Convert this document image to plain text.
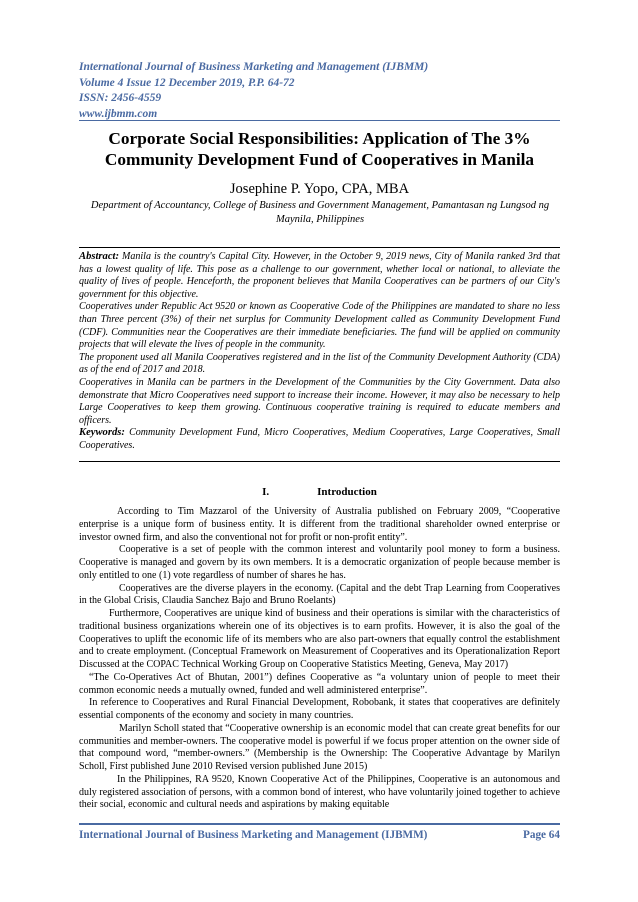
International Journal of Business Marketing and Management (IJBMM)
Volume 4 Issue 12 December 2019, P.P. 64-72
ISSN: 2456-4559
www.ijbmm.com
Corporate Social Responsibilities: Application of The 3%
Community Development Fund of Cooperatives in Manila
Josephine P. Yopo, CPA, MBA
Department of Accountancy, College of Business and Government Management, Pamantasan ng Lungsod ng Maynila, Philippines

Abstract: Manila is the country's Capital City. However, in the October 9, 2019 news, City of Manila ranked 3rd that has a lowest quality of life. This pose as a challenge to our government, whether local or national, to alleviate the quality of lives of people. Henceforth, the proponent believes that Manila Cooperatives can be partners of our City's government for this objective.

Cooperatives under Republic Act 9520 or known as Cooperative Code of the Philippines are mandated to share no less than Three percent (3%) of their net surplus for Community Development called as Community Development Fund (CDF). Communities near the Cooperatives are their immediate beneficiaries. The fund will be applied on community projects that will elevate the lives of people in the community.

The proponent used all Manila Cooperatives registered and in the list of the Community Development Authority (CDA) as of the end of 2017 and 2018.

Cooperatives in Manila can be partners in the Development of the Communities by the City Government. Data also demonstrate that Micro Cooperatives need support to increase their income. However, it may also be necessary to help Large Cooperatives to keep them growing. Continuous cooperative training is required to educate members and officers.

Keywords: Community Development Fund, Micro Cooperatives, Medium Cooperatives, Large Cooperatives, Small Cooperatives.

I.	Introduction

According to Tim Mazzarol of the University of Australia published on February 2009, “Cooperative enterprise is a unique form of business entity. It is different from the traditional shareholder owned enterprise or investor owned firm, and also the conventional not for profit or non-profit entity”.

Cooperative is a set of people with the common interest and voluntarily pool money to form a business. Cooperative is managed and govern by its own members. It is a democratic organization of people because member is only entitled to one (1) vote regardless of number of shares he has.

Cooperatives are the diverse players in the economy. (Capital and the debt Trap Learning from Cooperatives in the Global Crisis, Claudia Sanchez Bajo and Bruno Roelants)

Furthermore, Cooperatives are unique kind of business and their operations is similar with the characteristics of traditional business organizations wherein one of its objectives is to earn profits. However, it is also the goal of the Cooperatives to uplift the economic life of its members who are also part-owners that equally control the establishment and to create employment. (Conceptual Framework on Measurement of Cooperatives and its Operationalization Report Discussed at the COPAC Technical Working Group on Cooperative Statistics Meeting, Geneva, May 2017)

“The Co-Operatives Act of Bhutan, 2001”) defines Cooperative as “a voluntary union of people to meet their common economic needs a mutually owned, funded and well administered enterprise”.

In reference to Cooperatives and Rural Financial Development, Robobank, it states that cooperatives are definitely essential components of the economy and society in many countries.

Marilyn Scholl stated that “Cooperative ownership is an economic model that can create great benefits for our communities and member-owners. The cooperative model is powerful if we focus proper attention on the owner side of that compound word, “member-owners.” (Membership is the Ownership: The Cooperative Advantage by Marilyn Scholl, First published June 2010 Revised version published June 2015)

In the Philippines, RA 9520, Known Cooperative Act of the Philippines, Cooperative is an autonomous and duly registered association of persons, with a common bond of interest, who have voluntarily joined together to achieve their social, economic and cultural needs and aspirations by making equitable

International Journal of Business Marketing and Management (IJBMM)	Page 64
